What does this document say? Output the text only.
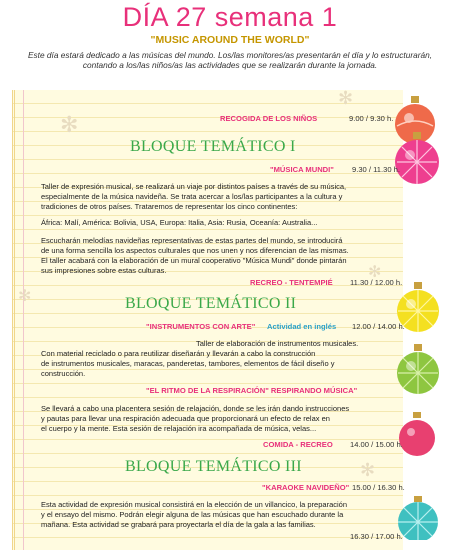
DÍA 27 semana 1
"MUSIC AROUND THE WORLD"
Este día estará dedicado a las músicas del mundo. Los/las monitores/as presentarán el día y lo estructurarán,
contando a los/las niños/as las actividades que se realizarán durante la jornada.
✻
✻
✻
✻
✻
RECOGIDA DE LOS NIÑOS	9.00 / 9.30 h.
BLOQUE TEMÁTICO I
"MÚSICA MUNDI" 9.30 / 11.30 h.
Taller de expresión musical, se realizará un viaje por distintos países a través de su música,
especialmente de la música navideña. Se trata acercar a los/las participantes a la cultura y
tradiciones de otros países. Trataremos de representar los cinco continentes:
África: Malí, América: Bolivia, USA, Europa: Italia, Asia: Rusia, Oceanía: Australia...
Escucharán melodías navideñas representativas de estas partes del mundo, se introducirá
de una forma sencilla los aspectos culturales que nos unen y nos diferencian de las mismas.
El taller acabará con la elaboración de un mural cooperativo "Música Mundi" donde pintarán
sus impresiones sobre estas culturas.
RECREO - TENTEMPIÉ 11.30 / 12.00 h.
BLOQUE TEMÁTICO II
"INSTRUMENTOS CON ARTE" Actividad en inglés 12.00 / 14.00 h.
Taller de elaboración de instrumentos musicales.
Con material reciclado o para reutilizar diseñarán y llevarán a cabo la construcción
de instrumentos musicales, maracas, panderetas, tambores, elementos de fácil diseño y
construcción.
"EL RITMO DE LA RESPIRACIÓN" RESPIRANDO MÚSICA"
Se llevará a cabo una placentera sesión de relajación, donde se les irán dando instrucciones
y pautas para llevar una respiración adecuada que proporcionará un efecto de relax en
el cuerpo y la mente. Esta sesión de relajación ira acompañada de música, velas...
COMIDA - RECREO 14.00 / 15.00 h.
BLOQUE TEMÁTICO III
"KARAOKE NAVIDEÑO" 15.00 / 16.30 h.
Esta actividad de expresión musical consistirá en la elección de un villancico, la preparación
y el ensayo del mismo. Podrán elegir alguna de las músicas que han escuchado durante la
mañana. Esta actividad se grabará para proyectarla el día de la gala a las familias.
16.30 / 17.00 h.
